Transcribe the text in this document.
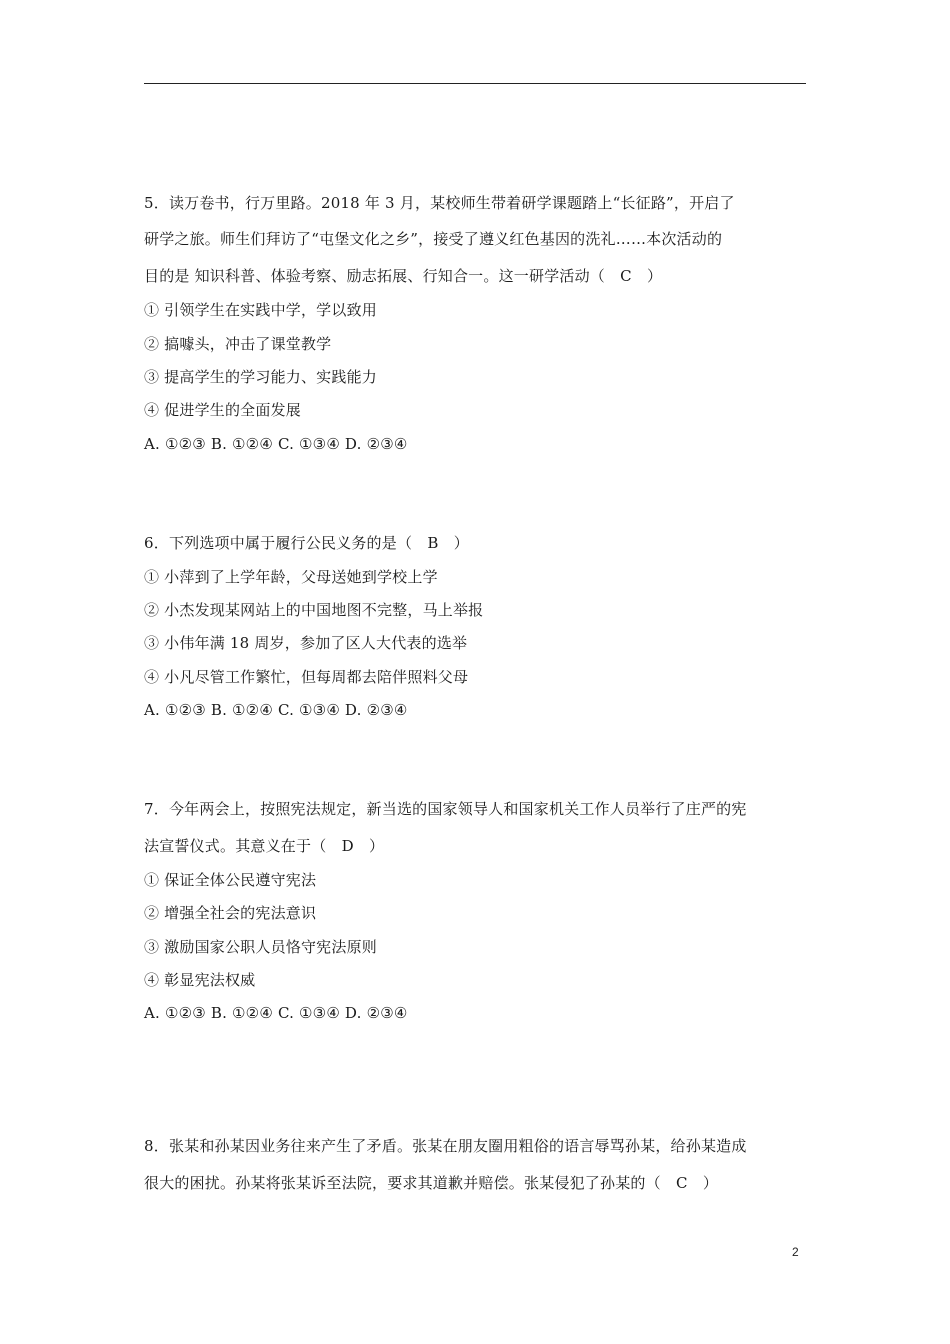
5．读万卷书，行万里路。2018 年 3 月，某校师生带着研学课题踏上“长征路”，开启了
研学之旅。师生们拜访了“屯堡文化之乡”，接受了遵义红色基因的洗礼……本次活动的
目的是 知识科普、体验考察、励志拓展、行知合一。这一研学活动（　C　）
① 引领学生在实践中学，学以致用
② 搞噱头，冲击了课堂教学
③ 提高学生的学习能力、实践能力
④ 促进学生的全面发展
A. ①②③ B. ①②④ C. ①③④ D. ②③④
6．下列选项中属于履行公民义务的是（　B　）
① 小萍到了上学年龄，父母送她到学校上学
② 小杰发现某网站上的中国地图不完整，马上举报
③ 小伟年满 18 周岁，参加了区人大代表的选举
④ 小凡尽管工作繁忙，但每周都去陪伴照料父母
A. ①②③ B. ①②④ C. ①③④ D. ②③④
7．今年两会上，按照宪法规定，新当选的国家领导人和国家机关工作人员举行了庄严的宪
法宣誓仪式。其意义在于（　D　）
① 保证全体公民遵守宪法
② 增强全社会的宪法意识
③ 激励国家公职人员恪守宪法原则
④ 彰显宪法权威
A. ①②③ B. ①②④ C. ①③④ D. ②③④
8．张某和孙某因业务往来产生了矛盾。张某在朋友圈用粗俗的语言辱骂孙某，给孙某造成
很大的困扰。孙某将张某诉至法院，要求其道歉并赔偿。张某侵犯了孙某的（　C　）
2
